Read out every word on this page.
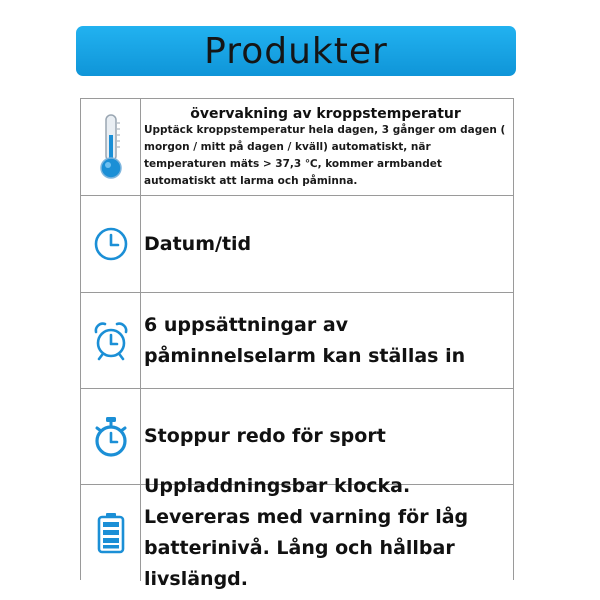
Produkter
övervakning av kroppstemperatur
Upptäck kroppstemperatur hela dagen, 3 gånger om dagen ( morgon / mitt på dagen / kväll) automatiskt, när temperaturen mäts > 37,3 ℃, kommer armbandet automatiskt att larma och påminna.
Datum/tid
6 uppsättningar av påminnelselarm kan ställas in
Stoppur redo för sport
Uppladdningsbar klocka. Levereras med varning för låg batterinivå. Lång och hållbar livslängd.
